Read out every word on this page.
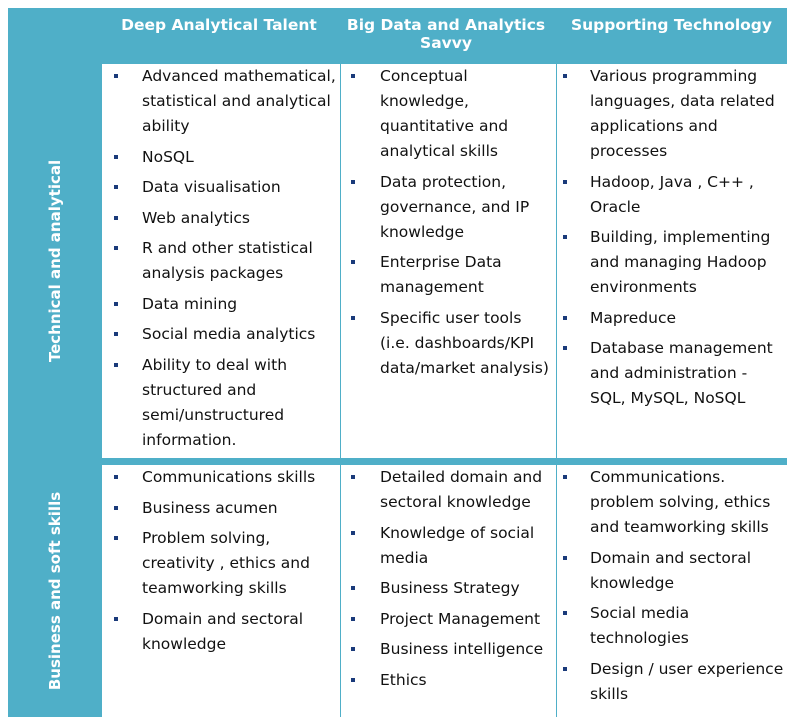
Deep Analytical Talent	Big Data and Analytics Savvy
Supporting Technology
Technical and analytical
Business and soft skills
Advanced mathematical, statistical and analytical ability
NoSQL
Data visualisation
Web analytics
R and other statistical analysis packages
Data mining
Social media analytics
Ability to deal with structured and semi/unstructured information.
Conceptual knowledge, quantitative and analytical skills
Data protection, governance, and IP knowledge
Enterprise Data management
Specific user tools (i.e. dashboards/KPI data/market analysis)
Various programming languages, data related applications and processes
Hadoop, Java , C++ , Oracle
Building, implementing and managing Hadoop environments
Mapreduce
Database management and administration - SQL, MySQL, NoSQL
Communications skills
Business acumen
Problem solving, creativity , ethics and teamworking skills
Domain and sectoral knowledge
Detailed domain and sectoral knowledge
Knowledge of social media
Business Strategy
Project Management
Business intelligence
Ethics
Communications. problem solving, ethics and teamworking skills
Domain and sectoral knowledge
Social media technologies
Design / user experience skills
